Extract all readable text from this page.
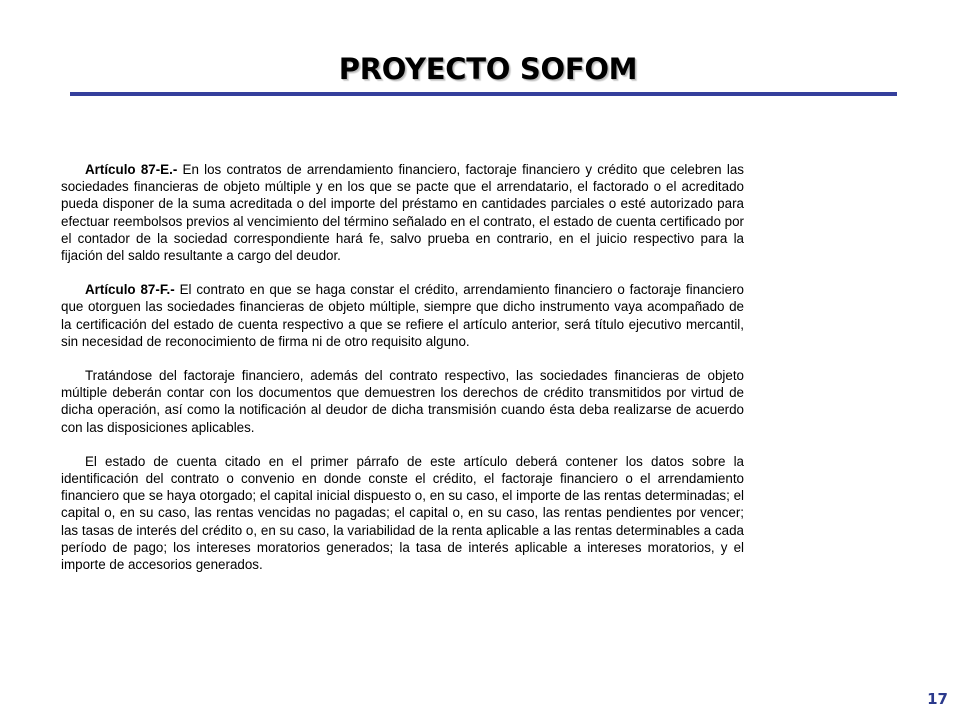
PROYECTO SOFOM

Artículo 87-E.- En los contratos de arrendamiento financiero, factoraje financiero y crédito que celebren las sociedades financieras de objeto múltiple y en los que se pacte que el arrendatario, el factorado o el acreditado pueda disponer de la suma acreditada o del importe del préstamo en cantidades parciales o esté autorizado para efectuar reembolsos previos al vencimiento del término señalado en el contrato, el estado de cuenta certificado por el contador de la sociedad correspondiente hará fe, salvo prueba en contrario, en el juicio respectivo para la fijación del saldo resultante a cargo del deudor.

Artículo 87-F.- El contrato en que se haga constar el crédito, arrendamiento financiero o factoraje financiero que otorguen las sociedades financieras de objeto múltiple, siempre que dicho instrumento vaya acompañado de la certificación del estado de cuenta respectivo a que se refiere el artículo anterior, será título ejecutivo mercantil, sin necesidad de reconocimiento de firma ni de otro requisito alguno.

Tratándose del factoraje financiero, además del contrato respectivo, las sociedades financieras de objeto múltiple deberán contar con los documentos que demuestren los derechos de crédito transmitidos por virtud de dicha operación, así como la notificación al deudor de dicha transmisión cuando ésta deba realizarse de acuerdo con las disposiciones aplicables.

El estado de cuenta citado en el primer párrafo de este artículo deberá contener los datos sobre la identificación del contrato o convenio en donde conste el crédito, el factoraje financiero o el arrendamiento financiero que se haya otorgado; el capital inicial dispuesto o, en su caso, el importe de las rentas determinadas; el capital o, en su caso, las rentas vencidas no pagadas; el capital o, en su caso, las rentas pendientes por vencer; las tasas de interés del crédito o, en su caso, la variabilidad de la renta aplicable a las rentas determinables a cada período de pago; los intereses moratorios generados; la tasa de interés aplicable a intereses moratorios, y el importe de accesorios generados.

17
